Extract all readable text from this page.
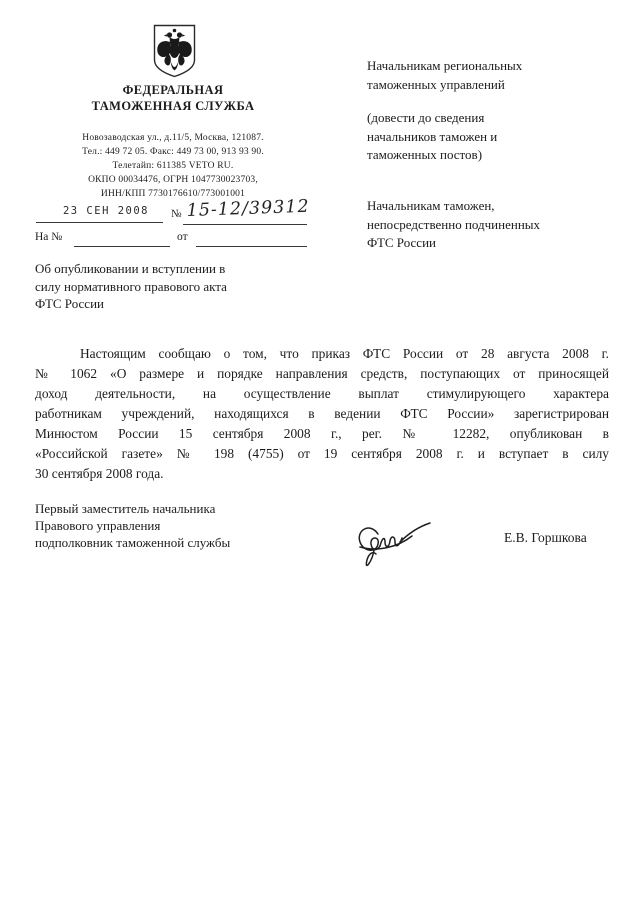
ФЕДЕРАЛЬНАЯ
ТАМОЖЕННАЯ СЛУЖБА
Новозаводская ул., д.11/5, Москва, 121087.
Тел.: 449 72 05. Факс: 449 73 00, 913 93 90.
Телетайп: 611385 VETO RU.
ОКПО 00034476, ОГРН 1047730023703,
ИНН/КПП 7730176610/773001001
23 СЕН 2008	№ 15-12/39312
На №	от
Об опубликовании и вступлении в
силу нормативного правового акта
ФТС России
Начальникам региональных
таможенных управлений
(довести до сведения
начальников таможен и
таможенных постов)
Начальникам таможен,
непосредственно подчиненных
ФТС России
Настоящим сообщаю о том, что приказ ФТС России от 28 августа 2008 г.
№ 1062 «О размере и порядке направления средств, поступающих от приносящей
доход деятельности, на осуществление выплат стимулирующего характера
работникам учреждений, находящихся в ведении ФТС России» зарегистрирован
Минюстом России 15 сентября 2008 г., рег. № 12282, опубликован в
«Российской газете» № 198 (4755) от 19 сентября 2008 г. и вступает в силу
30 сентября 2008 года.
Первый заместитель начальника
Правового управления
подполковник таможенной службы	Е.В. Горшкова
